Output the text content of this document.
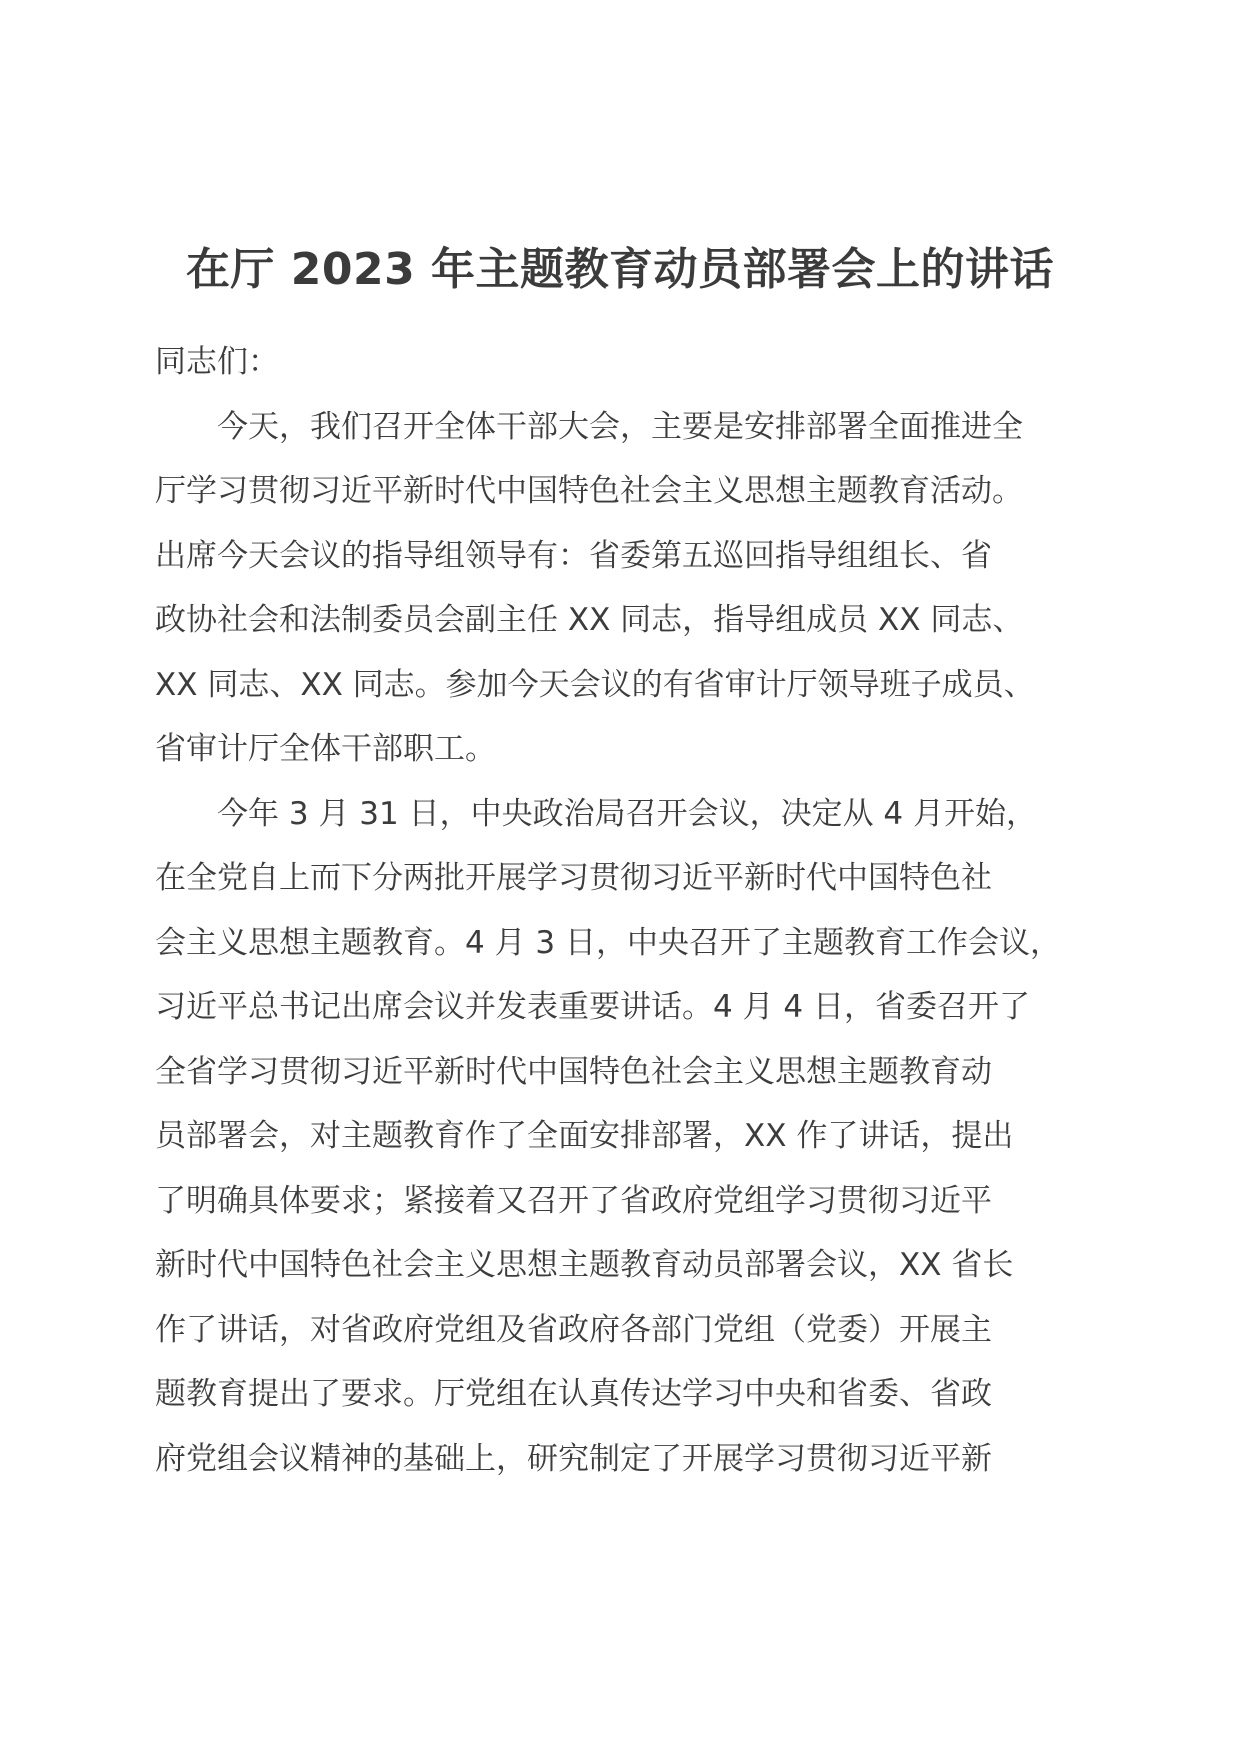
在厅 2023 年主题教育动员部署会上的讲话
同志们：
　　今天，我们召开全体干部大会，主要是安排部署全面推进全
厅学习贯彻习近平新时代中国特色社会主义思想主题教育活动。
出席今天会议的指导组领导有：省委第五巡回指导组组长、省
政协社会和法制委员会副主任 XX 同志，指导组成员 XX 同志、
XX 同志、XX 同志。参加今天会议的有省审计厅领导班子成员、
省审计厅全体干部职工。
　　今年 3 月 31 日，中央政治局召开会议，决定从 4 月开始，
在全党自上而下分两批开展学习贯彻习近平新时代中国特色社
会主义思想主题教育。4 月 3 日，中央召开了主题教育工作会议，
习近平总书记出席会议并发表重要讲话。4 月 4 日，省委召开了
全省学习贯彻习近平新时代中国特色社会主义思想主题教育动
员部署会，对主题教育作了全面安排部署，XX 作了讲话，提出
了明确具体要求；紧接着又召开了省政府党组学习贯彻习近平
新时代中国特色社会主义思想主题教育动员部署会议，XX 省长
作了讲话，对省政府党组及省政府各部门党组（党委）开展主
题教育提出了要求。厅党组在认真传达学习中央和省委、省政
府党组会议精神的基础上，研究制定了开展学习贯彻习近平新
